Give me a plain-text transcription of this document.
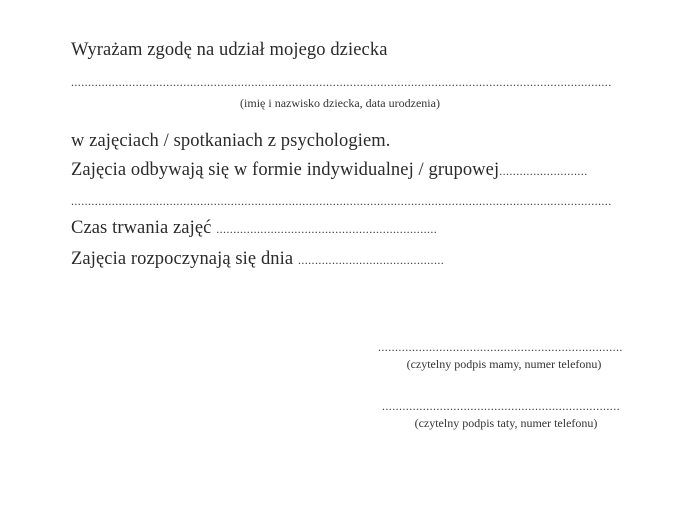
Wyrażam zgodę na udział mojego dziecka
...............................................................................................................................................................
(imię i nazwisko dziecka, data urodzenia)
w zajęciach / spotkaniach z psychologiem.
Zajęcia odbywają się w formie indywidualnej / grupowej..........................
...............................................................................................................................................................
Czas trwania zajęć .................................................................
Zajęcia rozpoczynają się dnia ...........................................
........................................................................
(czytelny podpis mamy, numer telefonu)
......................................................................
(czytelny podpis taty, numer telefonu)
